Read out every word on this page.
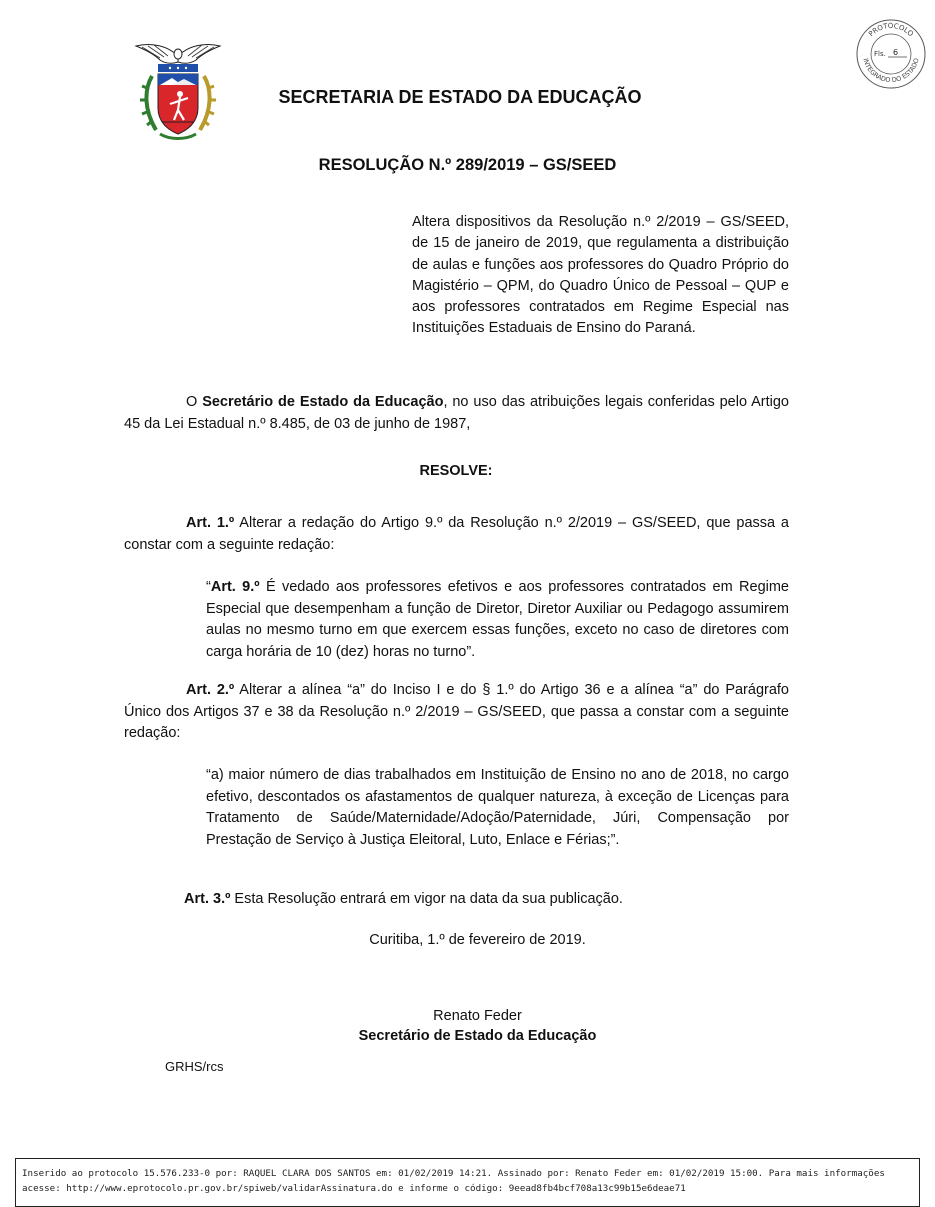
PROTOCOLO
INTEGRADO DO ESTADO
Fls. 6
SECRETARIA DE ESTADO DA EDUCAÇÃO
RESOLUÇÃO N.º 289/2019 – GS/SEED
Altera dispositivos da Resolução n.º 2/2019 – GS/SEED, de 15 de janeiro de 2019, que regulamenta a distribuição de aulas e funções aos professores do Quadro Próprio do Magistério – QPM, do Quadro Único de Pessoal – QUP e aos professores contratados em Regime Especial nas Instituições Estaduais de Ensino do Paraná.
O Secretário de Estado da Educação, no uso das atribuições legais conferidas pelo Artigo 45 da Lei Estadual n.º 8.485, de 03 de junho de 1987,
RESOLVE:
Art. 1.º Alterar a redação do Artigo 9.º da Resolução n.º 2/2019 – GS/SEED, que passa a constar com a seguinte redação:
“Art. 9.º É vedado aos professores efetivos e aos professores contratados em Regime Especial que desempenham a função de Diretor, Diretor Auxiliar ou Pedagogo assumirem aulas no mesmo turno em que exercem essas funções, exceto no caso de diretores com carga horária de 10 (dez) horas no turno”.
Art. 2.º Alterar a alínea “a” do Inciso I e do § 1.º do Artigo 36 e a alínea “a” do Parágrafo Único dos Artigos 37 e 38 da Resolução n.º 2/2019 – GS/SEED, que passa a constar com a seguinte redação:
“a) maior número de dias trabalhados em Instituição de Ensino no ano de 2018, no cargo efetivo, descontados os afastamentos de qualquer natureza, à exceção de Licenças para Tratamento de Saúde/Maternidade/Adoção/Paternidade, Júri, Compensação por Prestação de Serviço à Justiça Eleitoral, Luto, Enlace e Férias;”.
Art. 3.º Esta Resolução entrará em vigor na data da sua publicação.
Curitiba, 1.º de fevereiro de 2019.
Renato Feder
Secretário de Estado da Educação
GRHS/rcs
Inserido ao protocolo 15.576.233-0 por: RAQUEL CLARA DOS SANTOS em: 01/02/2019 14:21. Assinado por: Renato Feder em: 01/02/2019 15:00. Para mais informações
acesse: http://www.eprotocolo.pr.gov.br/spiweb/validarAssinatura.do e informe o código: 9eead8fb4bcf708a13c99b15e6deae71
